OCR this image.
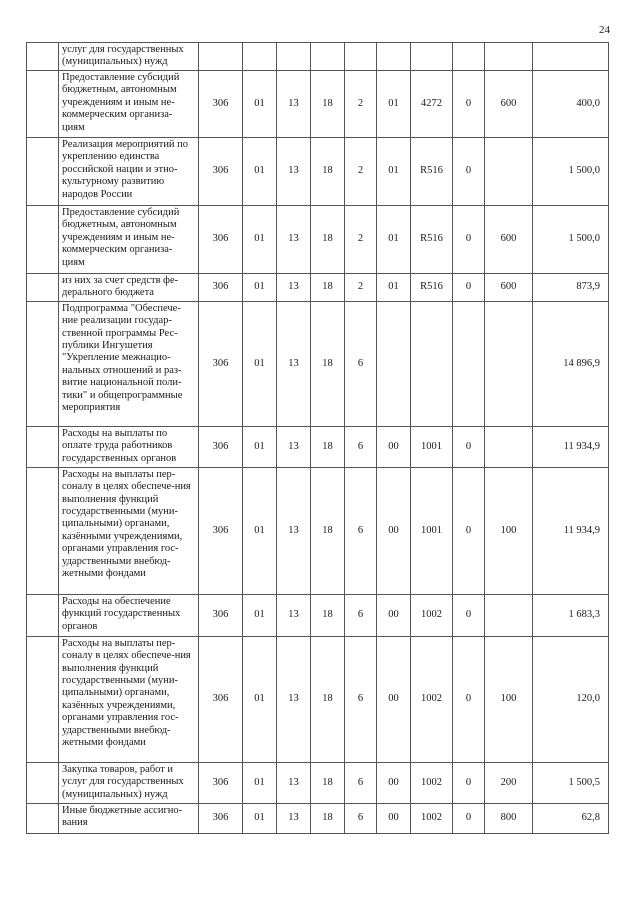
24
	услуг для государственных (муниципальных) нужд										
	Предоставление субсидий бюджетным, автономным учреждениям и иным не-коммерческим организа-циям	306	01	13	18	2	01	4272	0	600	400,0
	Реализация мероприятий по укреплению единства российской нации и этно-культурному развитию народов России	306	01	13	18	2	01	R516	0		1 500,0
	Предоставление субсидий бюджетным, автономным учреждениям и иным не-коммерческим организа-циям	306	01	13	18	2	01	R516	0	600	1 500,0
	из них за счет средств фе-дерального бюджета	306	01	13	18	2	01	R516	0	600	873,9
	Подпрограмма "Обеспече-ние реализации государ-ственной программы Рес-публики Ингушетия "Укрепление межнацио-нальных отношений и раз-витие национальной поли-тики" и общепрограммные мероприятия	306	01	13	18	6					14 896,9
	Расходы на выплаты по оплате труда работников государственных органов	306	01	13	18	6	00	1001	0		11 934,9
	Расходы на выплаты пер-соналу в целях обеспече-ния выполнения функций государственными (муни-ципальными) органами, казёнными учреждениями, органами управления гос-ударственными внебюд-жетными фондами	306	01	13	18	6	00	1001	0	100	11 934,9
	Расходы на обеспечение функций государственных органов	306	01	13	18	6	00	1002	0		1 683,3
	Расходы на выплаты пер-соналу в целях обеспече-ния выполнения функций государственными (муни-ципальными) органами, казённых учреждениями, органами управления гос-ударственными внебюд-жетными фондами	306	01	13	18	6	00	1002	0	100	120,0
	Закупка товаров, работ и услуг для государственных (муниципальных) нужд	306	01	13	18	6	00	1002	0	200	1 500,5
	Иные бюджетные ассигно-вания	306	01	13	18	6	00	1002	0	800	62,8
